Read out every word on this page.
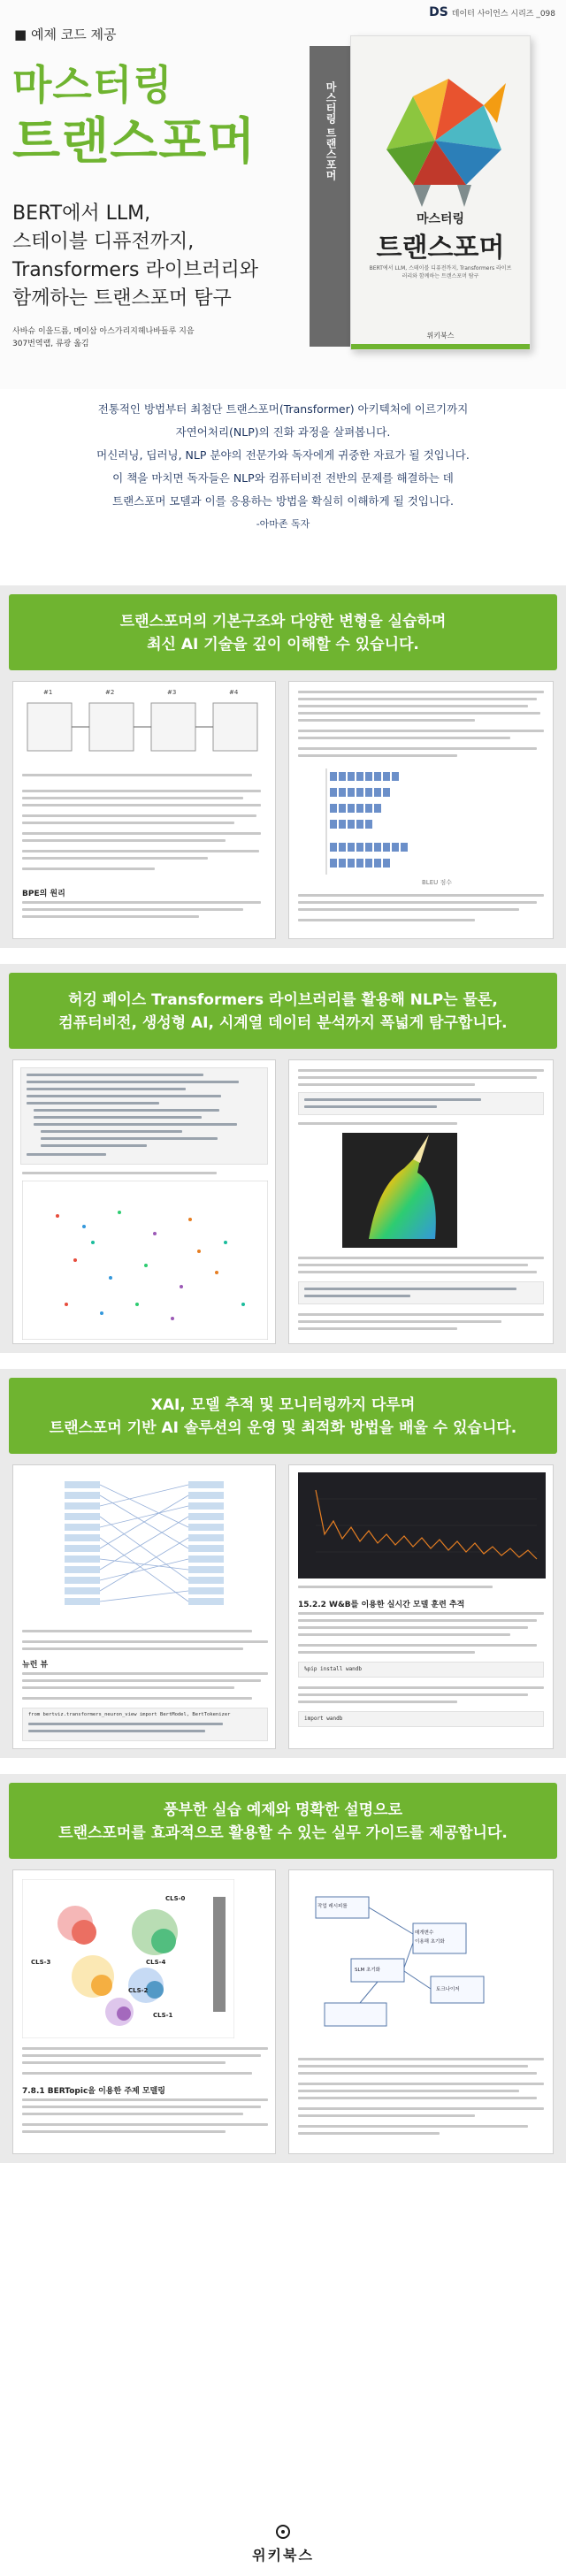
DS 데이터 사이언스 시리즈 _098
■ 예제 코드 제공
마스터링
트랜스포머
BERT에서 LLM,
스테이블 디퓨전까지,
Transformers 라이브러리와
함께하는 트랜스포머 탐구
사바슈 이을드름, 메이삼 아스가리지헤나바들루 지음
307번역랩, 류광 옮김
마스터링 트랜스포머
마스터링
트랜스포머
BERT에서 LLM, 스테이블 디퓨전까지, Transformers 라이브러리와 함께하는 트랜스포머 탐구
위키북스
전통적인 방법부터 최첨단 트랜스포머(Transformer) 아키텍처에 이르기까지
자연어처리(NLP)의 진화 과정을 살펴봅니다.
머신러닝, 딥러닝, NLP 분야의 전문가와 독자에게 귀중한 자료가 될 것입니다.
이 책을 마치면 독자들은 NLP와 컴퓨터비전 전반의 문제를 해결하는 데
트랜스포머 모델과 이를 응용하는 방법을 확실히 이해하게 될 것입니다.
-아마존 독자
트랜스포머의 기본구조와 다양한 변형을 실습하며
최신 AI 기술을 깊이 이해할 수 있습니다.
#1	#2	#3	#4
BPE의 원리
BLEU 점수
허깅 페이스 Transformers 라이브러리를 활용해 NLP는 물론,
컴퓨터비전, 생성형 AI, 시계열 데이터 분석까지 폭넓게 탐구합니다.
XAI, 모델 추적 및 모니터링까지 다루며
트랜스포머 기반 AI 솔루션의 운영 및 최적화 방법을 배울 수 있습니다.
뉴런 뷰
from bertviz.transformers_neuron_view import BertModel, BertTokenizer
15.2.2 W&B를 이용한 실시간 모델 훈련 추적
%pip install wandb
import wandb
풍부한 실습 예제와 명확한 설명으로
트랜스포머를 효과적으로 활용할 수 있는 실무 가이드를 제공합니다.
CLS-0
CLS-1
CLS-2
CLS-3	CLS-4
7.8.1 BERTopic을 이용한 주제 모델링
작업 레시피를
매개변수
이용해 초기화
SLM 초기화
토크나이저
위키북스
